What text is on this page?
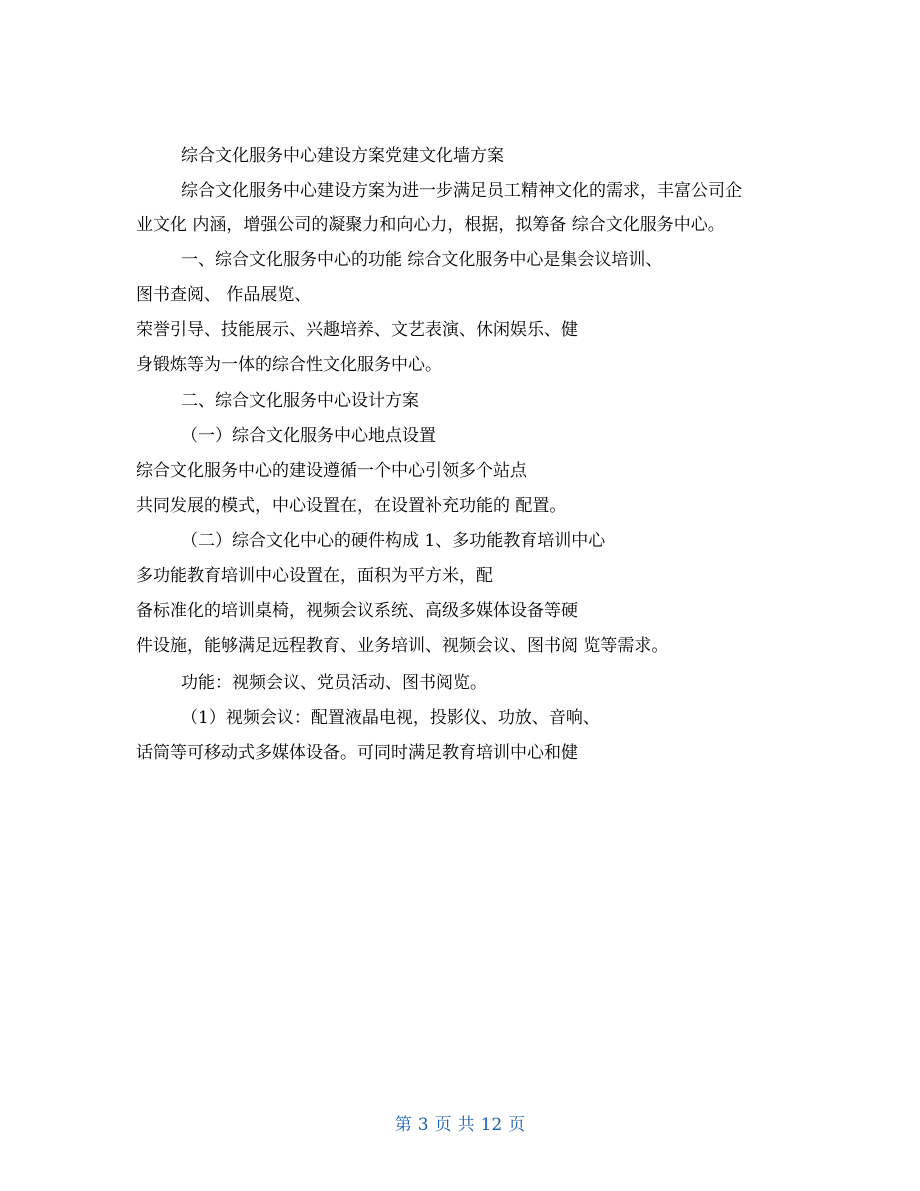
综合文化服务中心建设方案党建文化墙方案
综合文化服务中心建设方案为进一步满足员工精神文化的需求，丰富公司企
业文化 内涵，增强公司的凝聚力和向心力，根据，拟筹备 综合文化服务中心。
一、综合文化服务中心的功能 综合文化服务中心是集会议培训、
图书查阅、 作品展览、
荣誉引导、技能展示、兴趣培养、文艺表演、休闲娱乐、健
身锻炼等为一体的综合性文化服务中心。
二、综合文化服务中心设计方案
（一）综合文化服务中心地点设置
综合文化服务中心的建设遵循一个中心引领多个站点
共同发展的模式，中心设置在，在设置补充功能的 配置。
（二）综合文化中心的硬件构成 1、多功能教育培训中心
多功能教育培训中心设置在，面积为平方米，配
备标准化的培训桌椅，视频会议系统、高级多媒体设备等硬
件设施，能够满足远程教育、业务培训、视频会议、图书阅 览等需求。
功能：视频会议、党员活动、图书阅览。
（1）视频会议：配置液晶电视，投影仪、功放、音响、
话筒等可移动式多媒体设备。可同时满足教育培训中心和健
第 3 页 共 12 页
